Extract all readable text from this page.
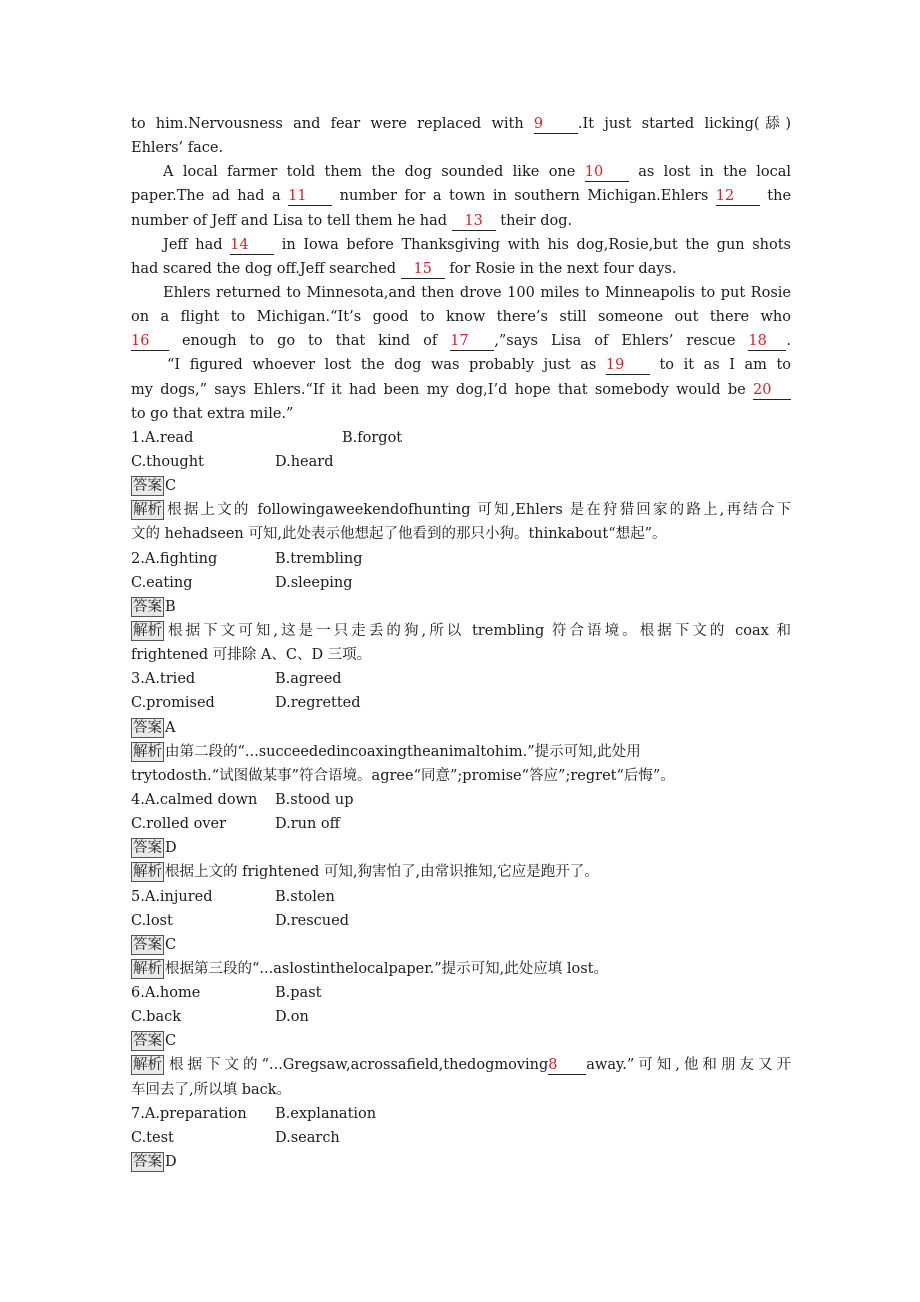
to him.Nervousness and fear were replaced with 9 .It just started licking(舔)
Ehlers’ face.
A local farmer told them the dog sounded like one 10 as lost in the local
paper.The ad had a 11 number for a town in southern Michigan.Ehlers 12 the
number of Jeff and Lisa to tell them he had 13 their dog.
Jeff had 14 in Iowa before Thanksgiving with his dog,Rosie,but the gun shots
had scared the dog off.Jeff searched 15 for Rosie in the next four days.
Ehlers returned to Minnesota,and then drove 100 miles to Minneapolis to put Rosie
on a flight to Michigan.“It’s good to know there’s still someone out there who
16 enough to go to that kind of 17 ,”says Lisa of Ehlers’ rescue 18 .
“I figured whoever lost the dog was probably just as 19 to it as I am to
my dogs,” says Ehlers.“If it had been my dog,I’d hope that somebody would be 20
to go that extra mile.”
1.A.read	B.forgot
C.thought	D.heard
答案 C
解析 根据上文的 followingaweekendofhunting 可知,Ehlers 是在狩猎回家的路上,再结合下
文的 hehadseen 可知,此处表示他想起了他看到的那只小狗。thinkabout“想起”。
2.A.fighting	B.trembling
C.eating	D.sleeping
答案 B
解析 根据下文可知,这是一只走丢的狗,所以 trembling 符合语境。根据下文的 coax 和
frightened 可排除 A、C、D 三项。
3.A.tried	B.agreed
C.promised	D.regretted
答案 A
解析 由第二段的“...succeededincoaxingtheanimaltohim.”提示可知,此处用
trytodosth.“试图做某事”符合语境。agree“同意”;promise“答应”;regret“后悔”。
4.A.calmed down	B.stood up
C.rolled over	D.run off
答案 D
解析 根据上文的 frightened 可知,狗害怕了,由常识推知,它应是跑开了。
5.A.injured	B.stolen
C.lost	D.rescued
答案 C
解析 根据第三段的“...aslostinthelocalpaper.”提示可知,此处应填 lost。
6.A.home	B.past
C.back	D.on
答案 C
解析 根据下文的“...Gregsaw,acrossafield,thedogmoving8 away.”可知,他和朋友又开
车回去了,所以填 back。
7.A.preparation	B.explanation
C.test	D.search
答案 D
